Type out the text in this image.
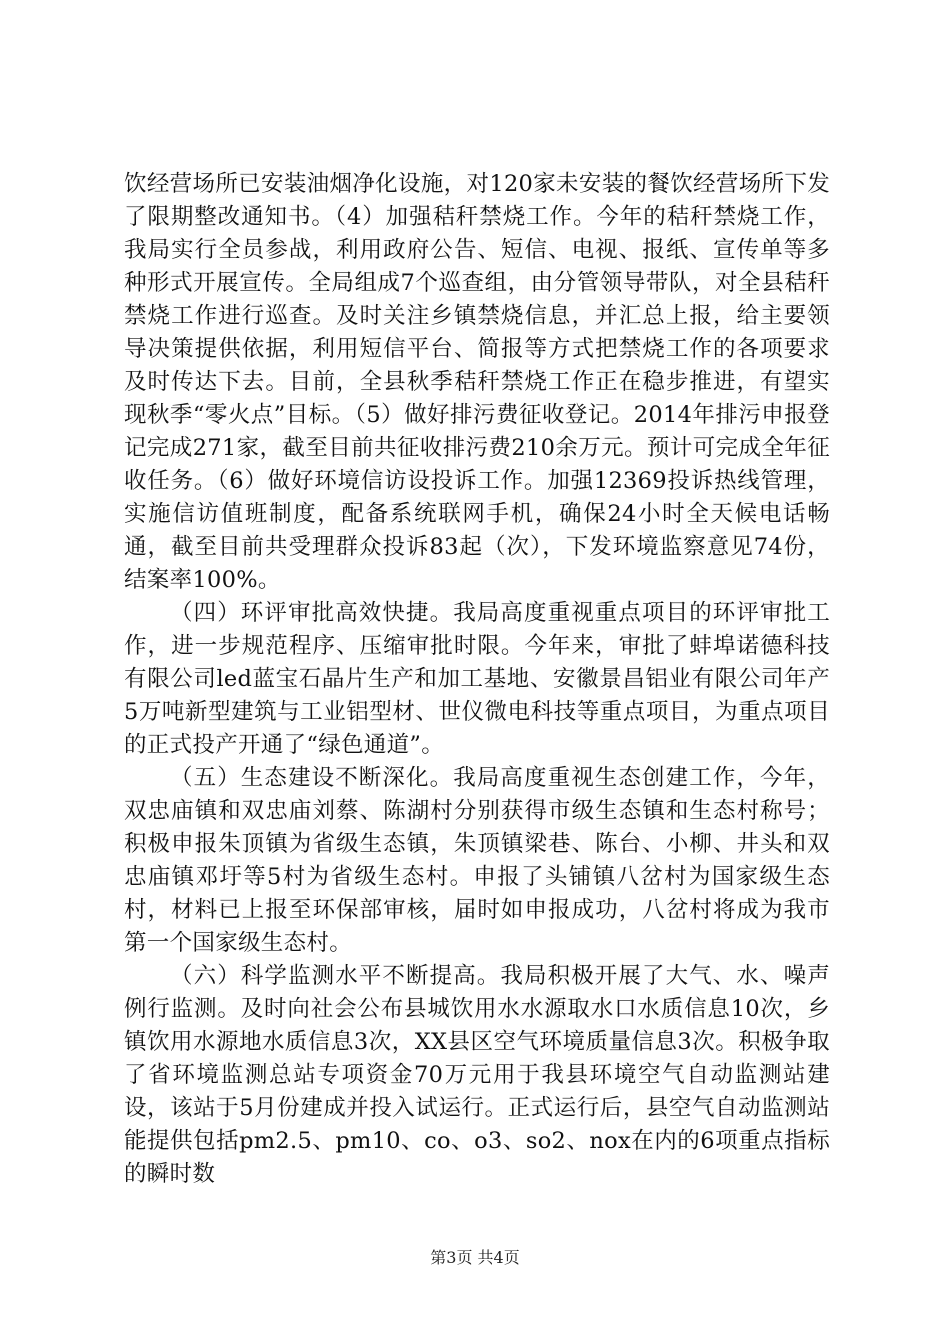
饮经营场所已安装油烟净化设施，对120家未安装的餐饮经营场所下发了限期整改通知书。（4）加强秸秆禁烧工作。今年的秸秆禁烧工作，我局实行全员参战，利用政府公告、短信、电视、报纸、宣传单等多种形式开展宣传。全局组成7个巡查组，由分管领导带队，对全县秸秆禁烧工作进行巡查。及时关注乡镇禁烧信息，并汇总上报，给主要领导决策提供依据，利用短信平台、简报等方式把禁烧工作的各项要求及时传达下去。目前，全县秋季秸秆禁烧工作正在稳步推进，有望实现秋季“零火点”目标。（5）做好排污费征收登记。2014年排污申报登记完成271家，截至目前共征收排污费210余万元。预计可完成全年征收任务。（6）做好环境信访设投诉工作。加强12369投诉热线管理，实施信访值班制度，配备系统联网手机，确保24小时全天候电话畅通，截至目前共受理群众投诉83起（次），下发环境监察意见74份，结案率100%。

（四）环评审批高效快捷。我局高度重视重点项目的环评审批工作，进一步规范程序、压缩审批时限。今年来，审批了蚌埠诺德科技有限公司led蓝宝石晶片生产和加工基地、安徽景昌铝业有限公司年产5万吨新型建筑与工业铝型材、世仪微电科技等重点项目，为重点项目的正式投产开通了“绿色通道”。

（五）生态建设不断深化。我局高度重视生态创建工作，今年，双忠庙镇和双忠庙刘蔡、陈湖村分别获得市级生态镇和生态村称号；积极申报朱顶镇为省级生态镇，朱顶镇梁巷、陈台、小柳、井头和双忠庙镇邓圩等5村为省级生态村。申报了头铺镇八岔村为国家级生态村，材料已上报至环保部审核，届时如申报成功，八岔村将成为我市第一个国家级生态村。

（六）科学监测水平不断提高。我局积极开展了大气、水、噪声例行监测。及时向社会公布县城饮用水水源取水口水质信息10次，乡镇饮用水源地水质信息3次，XX县区空气环境质量信息3次。积极争取了省环境监测总站专项资金70万元用于我县环境空气自动监测站建设，该站于5月份建成并投入试运行。正式运行后，县空气自动监测站能提供包括pm2.5、pm10、co、o3、so2、nox在内的6项重点指标的瞬时数

第3页 共4页
